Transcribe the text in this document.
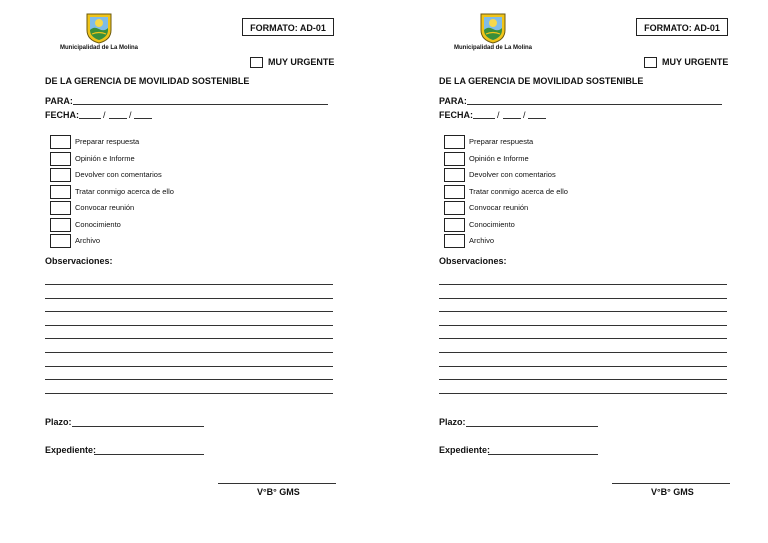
Municipalidad de La Molina
FORMATO: AD-01
MUY URGENTE
DE LA GERENCIA DE MOVILIDAD SOSTENIBLE
PARA:
FECHA:	/	/
Preparar respuesta
Opinión e Informe
Devolver con comentarios
Tratar conmigo acerca de ello
Convocar reunión
Conocimiento
Archivo
Observaciones:
Plazo:
Expediente:
V°B° GMS
Municipalidad de La Molina
FORMATO: AD-01
MUY URGENTE
DE LA GERENCIA DE MOVILIDAD SOSTENIBLE
PARA:
FECHA:	/	/
Preparar respuesta
Opinión e Informe
Devolver con comentarios
Tratar conmigo acerca de ello
Convocar reunión
Conocimiento
Archivo
Observaciones:
Plazo:
Expediente:
V°B° GMS
